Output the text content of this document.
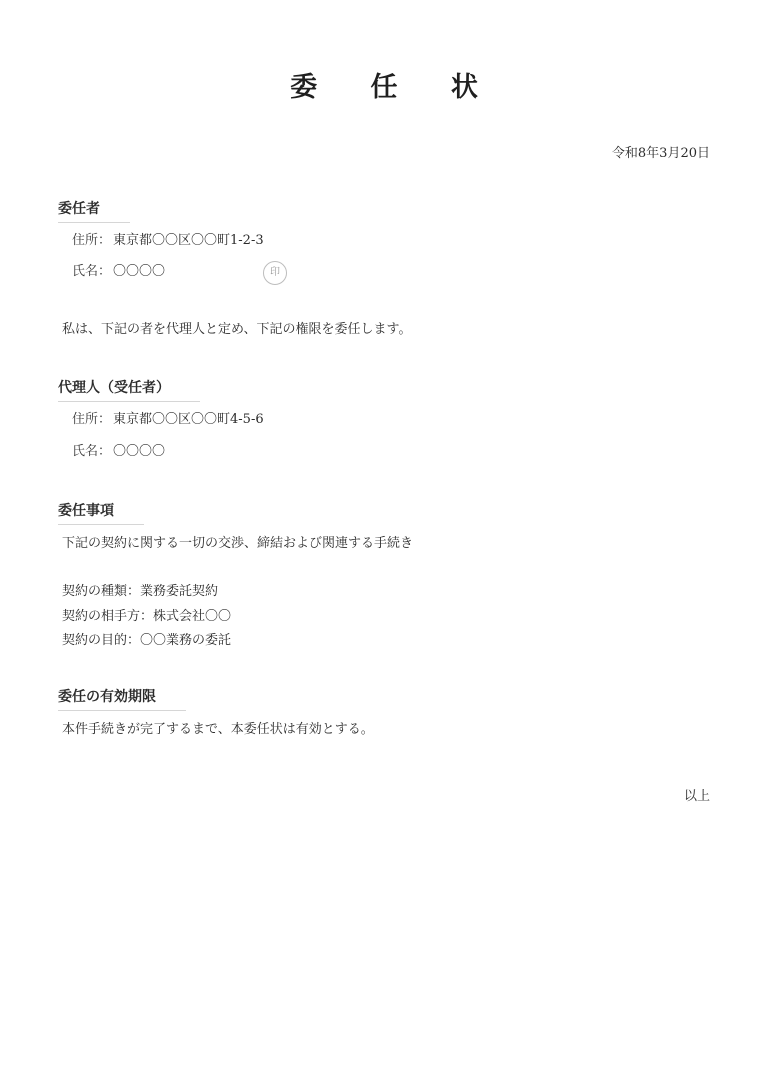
委 任 状
令和8年3月20日
委任者
住所： 東京都〇〇区〇〇町1-2-3
氏名： 〇〇〇〇	印
私は、下記の者を代理人と定め、下記の権限を委任します。
代理人（受任者）
住所： 東京都〇〇区〇〇町4-5-6
氏名： 〇〇〇〇
委任事項
下記の契約に関する一切の交渉、締結および関連する手続き
契約の種類：業務委託契約
契約の相手方：株式会社〇〇
契約の目的：〇〇業務の委託
委任の有効期限
本件手続きが完了するまで、本委任状は有効とする。
以上
